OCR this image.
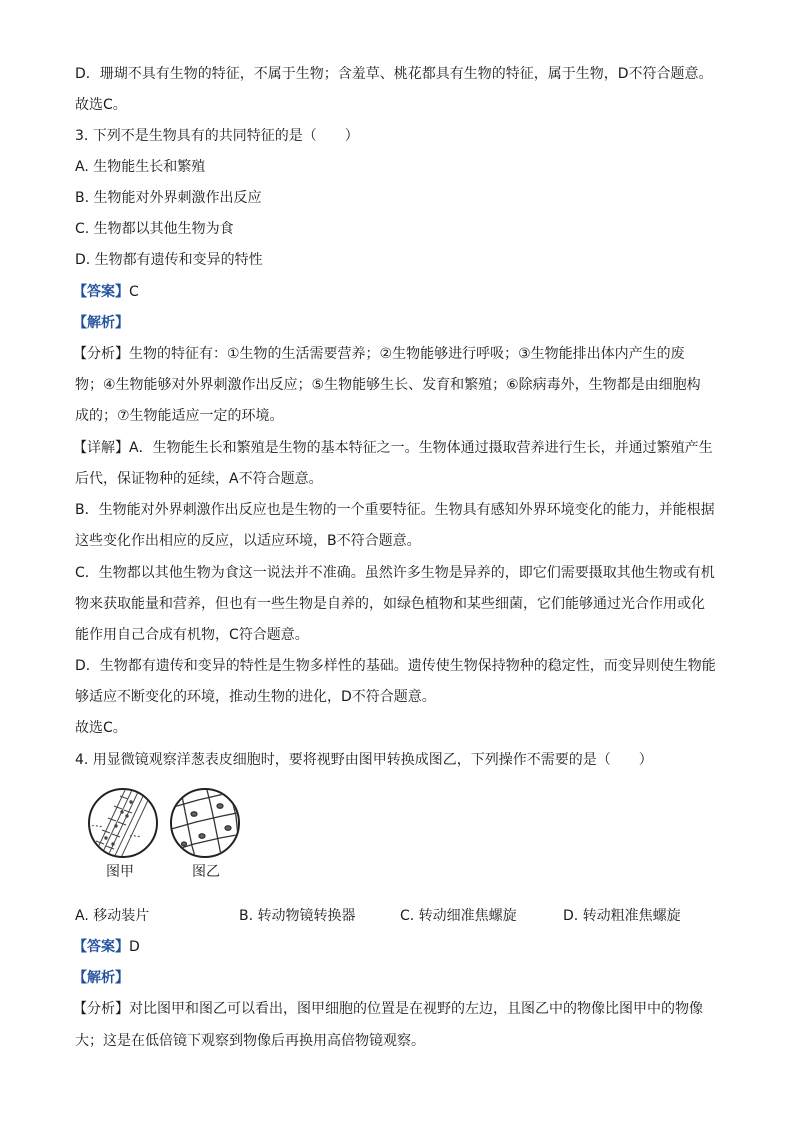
D．珊瑚不具有生物的特征，不属于生物；含羞草、桃花都具有生物的特征，属于生物，D不符合题意。
故选C。
3. 下列不是生物具有的共同特征的是（　　）
A. 生物能生长和繁殖
B. 生物能对外界刺激作出反应
C. 生物都以其他生物为食
D. 生物都有遗传和变异的特性
【答案】C
【解析】
【分析】生物的特征有：①生物的生活需要营养；②生物能够进行呼吸；③生物能排出体内产生的废
物；④生物能够对外界刺激作出反应；⑤生物能够生长、发育和繁殖；⑥除病毒外，生物都是由细胞构
成的；⑦生物能适应一定的环境。
【详解】A．生物能生长和繁殖是生物的基本特征之一。生物体通过摄取营养进行生长，并通过繁殖产生
后代，保证物种的延续，A不符合题意。
B．生物能对外界刺激作出反应也是生物的一个重要特征。生物具有感知外界环境变化的能力，并能根据
这些变化作出相应的反应，以适应环境，B不符合题意。
C．生物都以其他生物为食这一说法并不准确。虽然许多生物是异养的，即它们需要摄取其他生物或有机
物来获取能量和营养，但也有一些生物是自养的，如绿色植物和某些细菌，它们能够通过光合作用或化
能作用自己合成有机物，C符合题意。
D．生物都有遗传和变异的特性是生物多样性的基础。遗传使生物保持物种的稳定性，而变异则使生物能
够适应不断变化的环境，推动生物的进化，D不符合题意。
故选C。
4. 用显微镜观察洋葱表皮细胞时，要将视野由图甲转换成图乙，下列操作不需要的是（　　）
图甲	图乙
A. 移动装片	B. 转动物镜转换器	C. 转动细准焦螺旋	D. 转动粗准焦螺旋
【答案】D
【解析】
【分析】对比图甲和图乙可以看出，图甲细胞的位置是在视野的左边，且图乙中的物像比图甲中的物像
大；这是在低倍镜下观察到物像后再换用高倍物镜观察。
